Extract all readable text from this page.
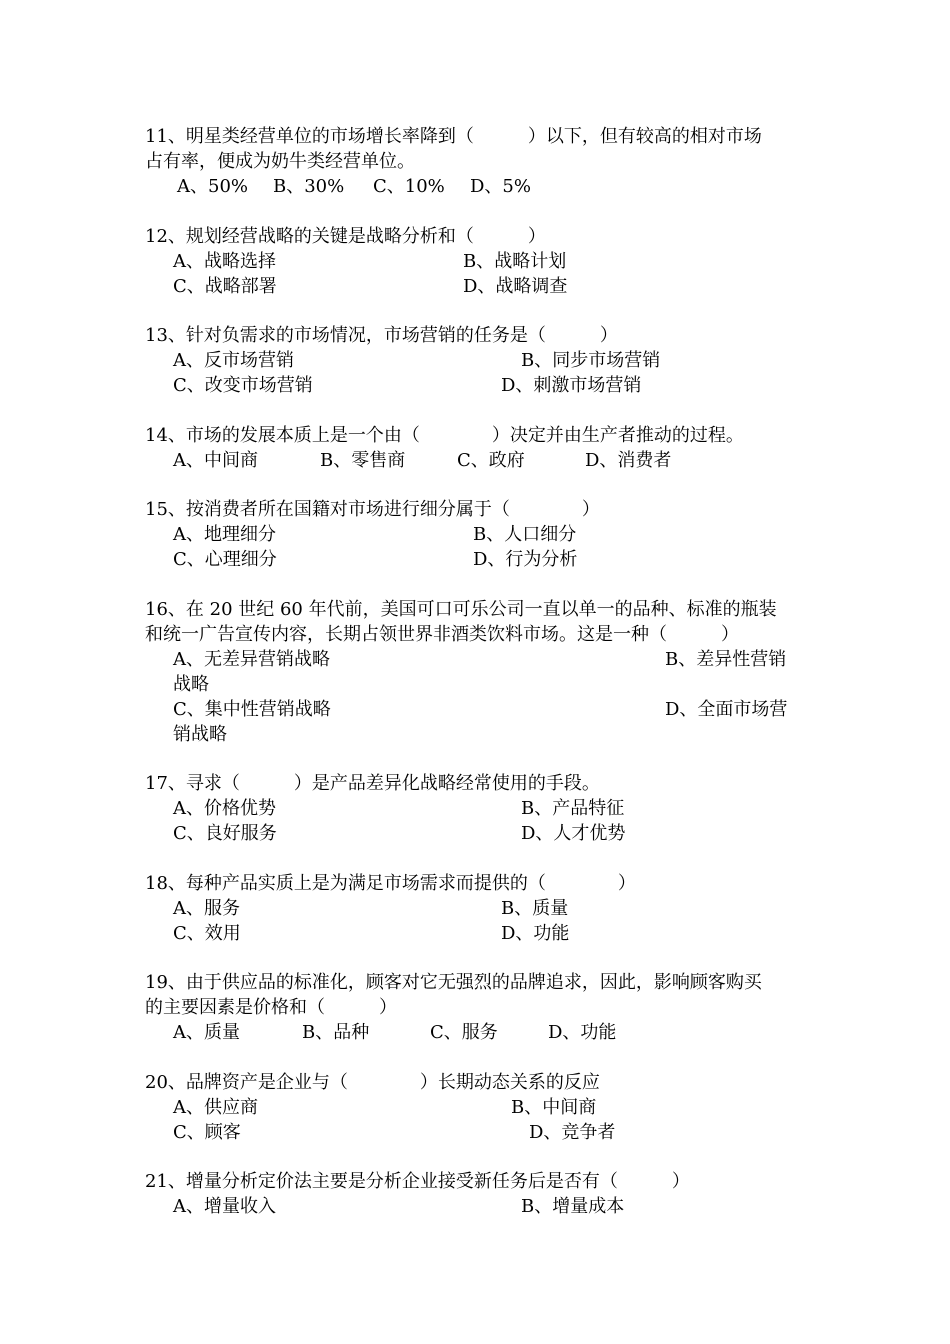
11、明星类经营单位的市场增长率降到（　　　）以下，但有较高的相对市场
占有率，便成为奶牛类经营单位。
A、50% B、30% C、10% D、5%
12、规划经营战略的关键是战略分析和（　　　）
A、战略选择	B、战略计划
C、战略部署	D、战略调查
13、针对负需求的市场情况，市场营销的任务是（　　　）
A、反市场营销	B、同步市场营销
C、改变市场营销	D、刺激市场营销
14、市场的发展本质上是一个由（　　　　）决定并由生产者推动的过程。
A、中间商	B、零售商	C、政府	D、消费者
15、按消费者所在国籍对市场进行细分属于（　　　　）
A、地理细分	B、人口细分
C、心理细分	D、行为分析
16、在 20 世纪 60 年代前，美国可口可乐公司一直以单一的品种、标准的瓶装
和统一广告宣传内容，长期占领世界非酒类饮料市场。这是一种（　　　）
A、无差异营销战略	B、差异性营销
战略
C、集中性营销战略	D、全面市场营
销战略
17、寻求（　　　）是产品差异化战略经常使用的手段。
A、价格优势	B、产品特征
C、良好服务	D、人才优势
18、每种产品实质上是为满足市场需求而提供的（　　　　）
A、服务	B、质量
C、效用	D、功能
19、由于供应品的标准化，顾客对它无强烈的品牌追求，因此，影响顾客购买
的主要因素是价格和（　　　）
A、质量	B、品种	C、服务	D、功能
20、品牌资产是企业与（　　　　）长期动态关系的反应
A、供应商	B、中间商
C、顾客	D、竞争者
21、增量分析定价法主要是分析企业接受新任务后是否有（　　　）
A、增量收入	B、增量成本
